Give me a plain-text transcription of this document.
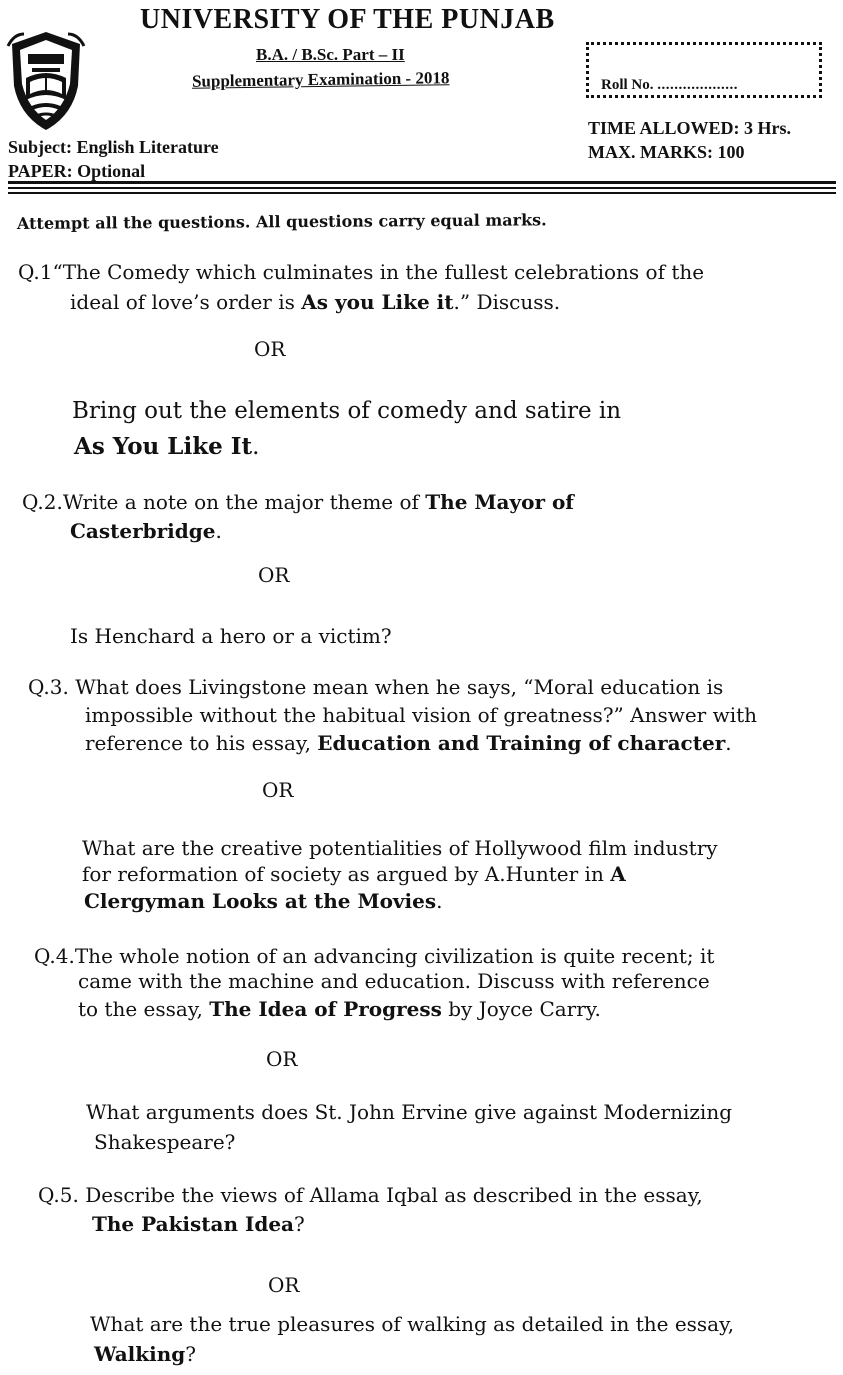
UNIVERSITY OF THE PUNJAB
B.A. / B.Sc. Part – II
Supplementary Examination - 2018	Roll No. ...................
TIME ALLOWED: 3 Hrs.
MAX. MARKS: 100
Subject: English Literature
PAPER: Optional
Attempt all the questions. All questions carry equal marks.
Q.1“The Comedy which culminates in the fullest celebrations of the
ideal of love’s order is As you Like it.” Discuss.
OR
Bring out the elements of comedy and satire in
As You Like It.
Q.2.Write a note on the major theme of The Mayor of
Casterbridge.
OR
Is Henchard a hero or a victim?
Q.3. What does Livingstone mean when he says, “Moral education is
impossible without the habitual vision of greatness?” Answer with
reference to his essay, Education and Training of character.
OR
What are the creative potentialities of Hollywood film industry
for reformation of society as argued by A.Hunter in A
Clergyman Looks at the Movies.
Q.4.The whole notion of an advancing civilization is quite recent; it
came with the machine and education. Discuss with reference
to the essay, The Idea of Progress by Joyce Carry.
OR
What arguments does St. John Ervine give against Modernizing
Shakespeare?
Q.5. Describe the views of Allama Iqbal as described in the essay,
The Pakistan Idea?
OR
What are the true pleasures of walking as detailed in the essay,
Walking?
